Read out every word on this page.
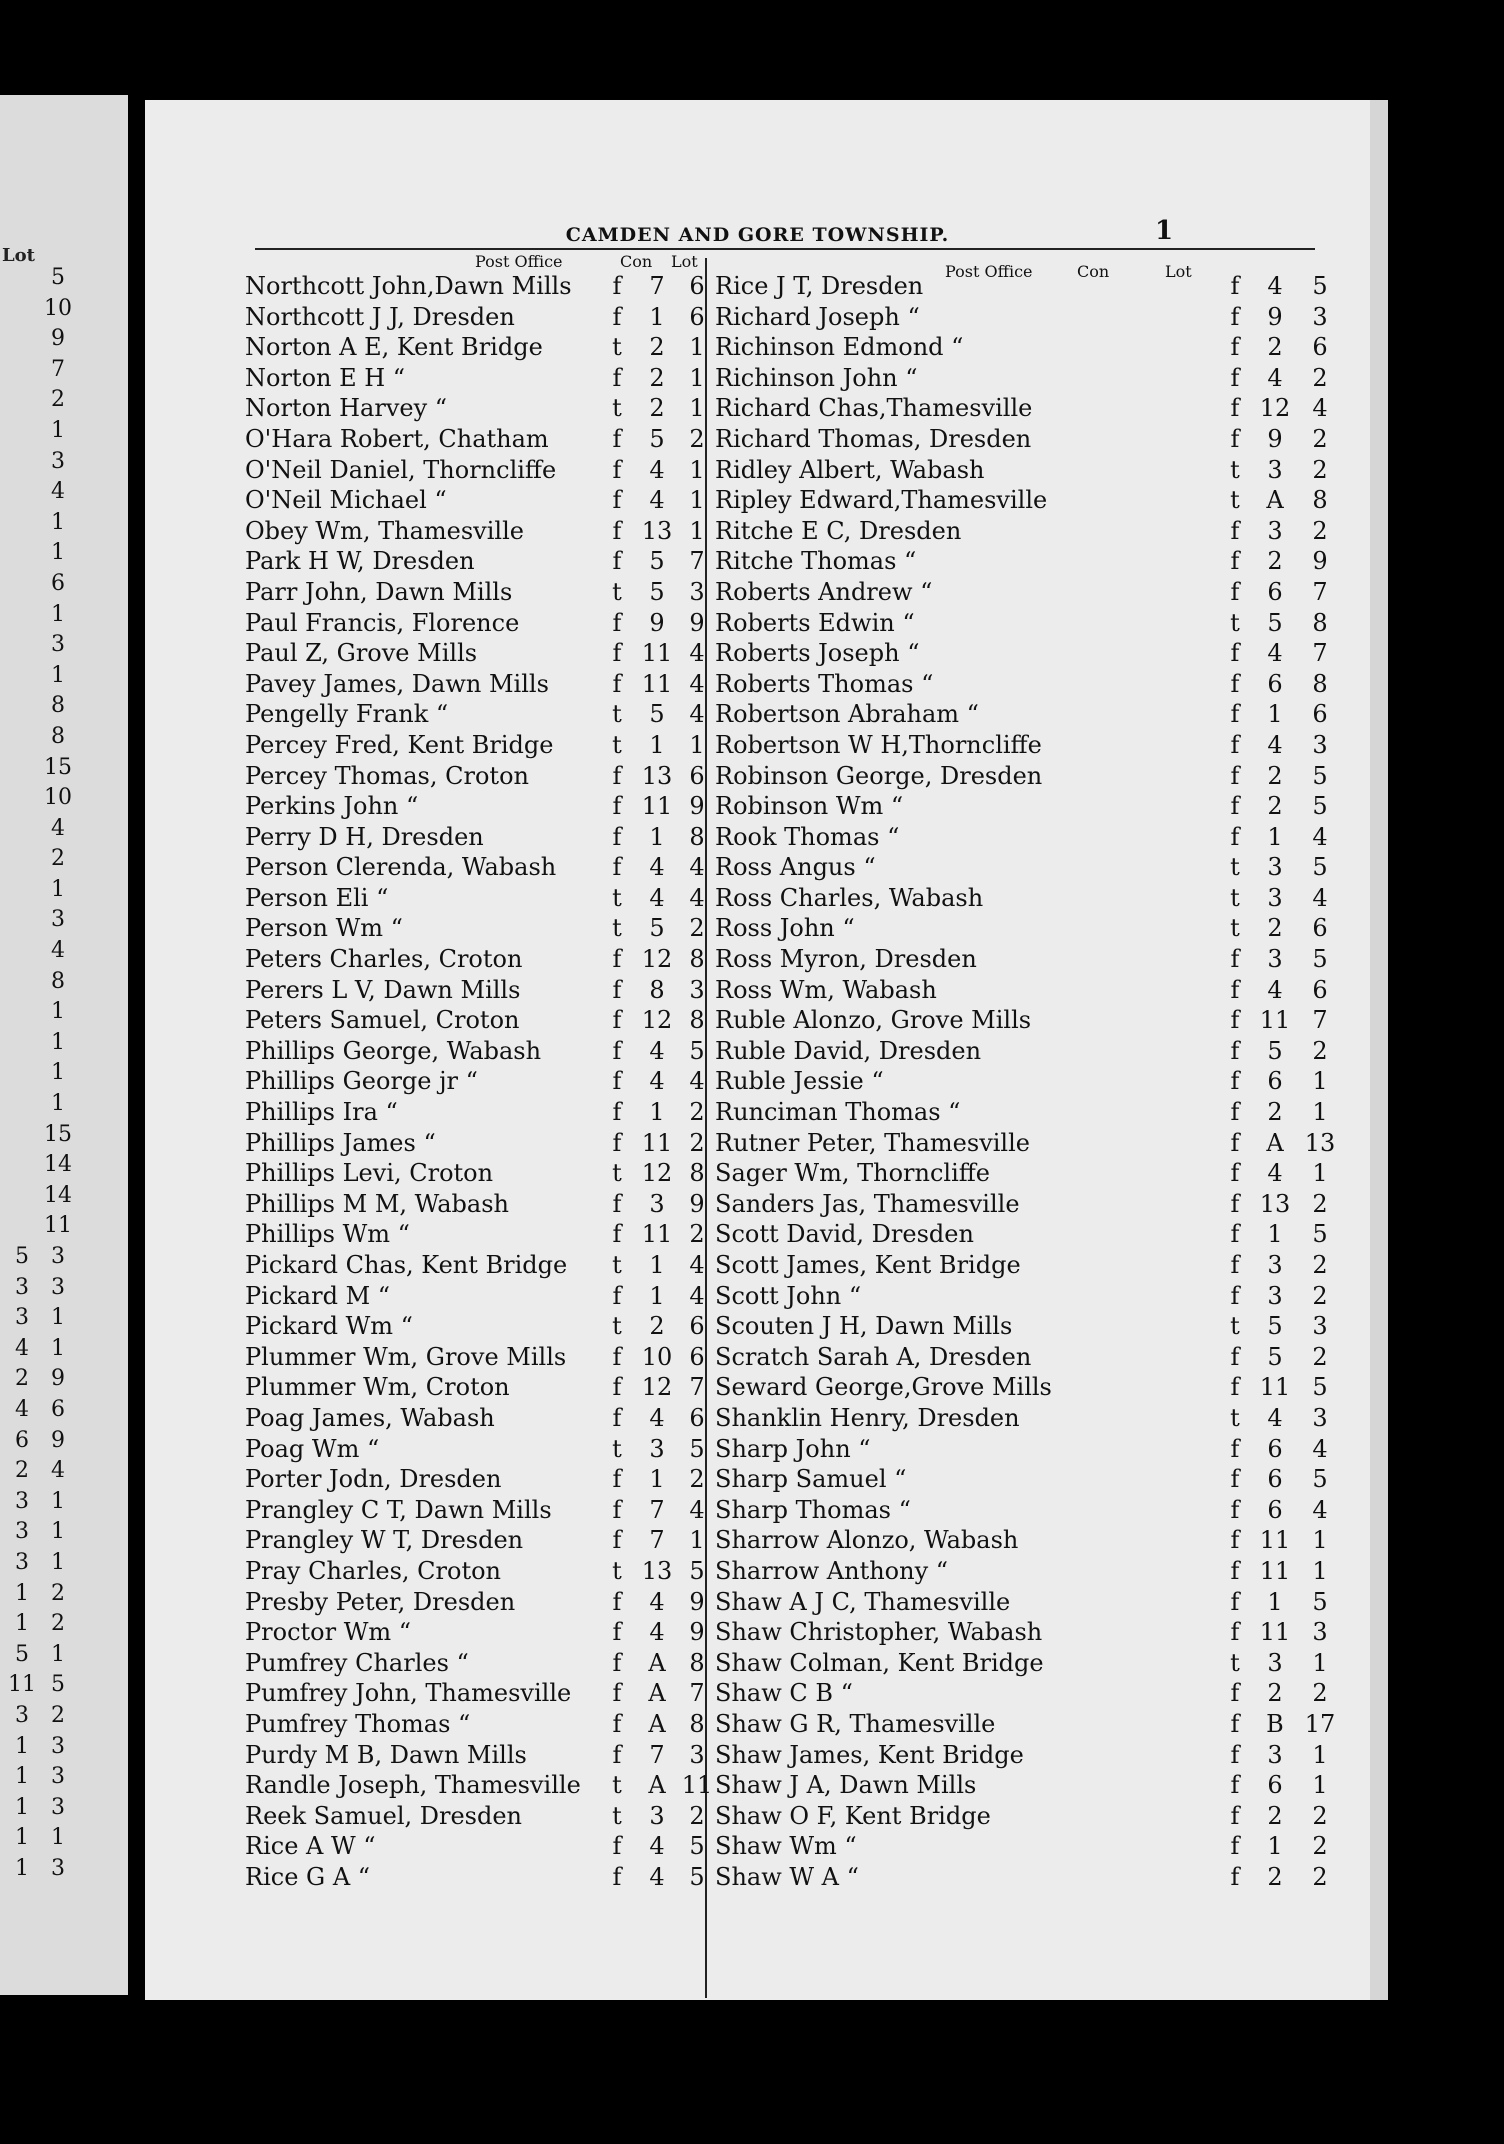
Lot
5
10
9
7
2
1
3
4
1
1
6
1
3
1
8
8
15
10
4
2
1
3
4
8
1
1
1
1
15
14
14
11
5	3
3	3
3	1
4	1
2	9
4	6
6	9
2	4
3	1
3	1
3	1
1	2
1	2
5	1
11 5
3	2
1	3
1	3
1	3
1	1
1	3
CAMDEN AND GORE TOWNSHIP.	1
Post Office	Con Lot
Post Office	Con	Lot
Northcott John,Dawn Mills	f	7	6
Northcott J J, Dresden	f	1	6
Norton A E, Kent Bridge	t	2	1
Norton E H “	f	2	1
Norton Harvey “	t	2	1
O'Hara Robert, Chatham	f	5	2
O'Neil Daniel, Thorncliffe	f	4	1
O'Neil Michael “	f	4	1
Obey Wm, Thamesville	f 13 1
Park H W, Dresden	f	5	7
Parr John, Dawn Mills	t	5	3
Paul Francis, Florence	f	9	9
Paul Z, Grove Mills	f 11 4
Pavey James, Dawn Mills	f 11 4
Pengelly Frank “	t	5	4
Percey Fred, Kent Bridge	t	1	1
Percey Thomas, Croton	f 13 6
Perkins John “	f 11 9
Perry D H, Dresden	f	1	8
Person Clerenda, Wabash	f	4	4
Person Eli “	t	4	4
Person Wm “	t	5	2
Peters Charles, Croton	f 12 8
Perers L V, Dawn Mills	f	8	3
Peters Samuel, Croton	f 12 8
Phillips George, Wabash	f	4	5
Phillips George jr “	f	4	4
Phillips Ira “	f	1	2
Phillips James “	f 11 2
Phillips Levi, Croton	t 12 8
Phillips M M, Wabash	f	3	9
Phillips Wm “	f 11 2
Pickard Chas, Kent Bridge	t	1	4
Pickard M “	f	1	4
Pickard Wm “	t	2	6
Plummer Wm, Grove Mills	f 10 6
Plummer Wm, Croton	f 12 7
Poag James, Wabash	f	4	6
Poag Wm “	t	3	5
Porter Jodn, Dresden	f	1	2
Prangley C T, Dawn Mills	f	7	4
Prangley W T, Dresden	f	7	1
Pray Charles, Croton	t 13 5
Presby Peter, Dresden	f	4	9
Proctor Wm “	f	4	9
Pumfrey Charles “	f	A 8
Pumfrey John, Thamesville	f	A 7
Pumfrey Thomas “	f	A 8
Purdy M B, Dawn Mills	f	7	3
Randle Joseph, Thamesville	t	A 11
Reek Samuel, Dresden	t	3	2
Rice A W “	f	4	5
Rice G A “	f	4	5
Rice J T, Dresden	f	4	5
Richard Joseph “	f	9	3
Richinson Edmond “	f	2	6
Richinson John “	f	4	2
Richard Chas,Thamesville	f 12 4
Richard Thomas, Dresden	f	9	2
Ridley Albert, Wabash	t	3	2
Ripley Edward,Thamesville	t	A	8
Ritche E C, Dresden	f	3	2
Ritche Thomas “	f	2	9
Roberts Andrew “	f	6	7
Roberts Edwin “	t	5	8
Roberts Joseph “	f	4	7
Roberts Thomas “	f	6	8
Robertson Abraham “	f	1	6
Robertson W H,Thorncliffe	f	4	3
Robinson George, Dresden	f	2	5
Robinson Wm “	f	2	5
Rook Thomas “	f	1	4
Ross Angus “	t	3	5
Ross Charles, Wabash	t	3	4
Ross John “	t	2	6
Ross Myron, Dresden	f	3	5
Ross Wm, Wabash	f	4	6
Ruble Alonzo, Grove Mills	f 11 7
Ruble David, Dresden	f	5	2
Ruble Jessie “	f	6	1
Runciman Thomas “	f	2	1
Rutner Peter, Thamesville	f	A 13
Sager Wm, Thorncliffe	f	4	1
Sanders Jas, Thamesville	f 13 2
Scott David, Dresden	f	1	5
Scott James, Kent Bridge	f	3	2
Scott John “	f	3	2
Scouten J H, Dawn Mills	t	5	3
Scratch Sarah A, Dresden	f	5	2
Seward George,Grove Mills	f 11 5
Shanklin Henry, Dresden	t	4	3
Sharp John “	f	6	4
Sharp Samuel “	f	6	5
Sharp Thomas “	f	6	4
Sharrow Alonzo, Wabash	f 11 1
Sharrow Anthony “	f 11 1
Shaw A J C, Thamesville	f	1	5
Shaw Christopher, Wabash	f 11 3
Shaw Colman, Kent Bridge	t	3	1
Shaw C B “	f	2	2
Shaw G R, Thamesville	f	B 17
Shaw James, Kent Bridge	f	3	1
Shaw J A, Dawn Mills	f	6	1
Shaw O F, Kent Bridge	f	2	2
Shaw Wm “	f	1	2
Shaw W A “	f	2	2
